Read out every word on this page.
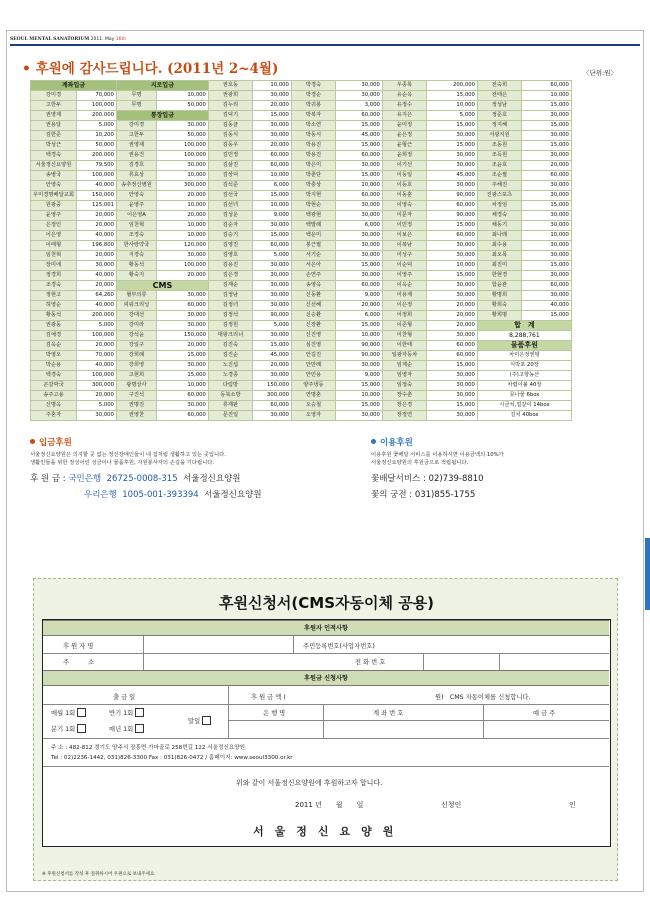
SEOUL MENTAL SANATORIUM 2011. May 16th
• 후원에 감사드립니다. (2011년 2~4월)	〈단위:원〉
계좌입금		지로입금		권호동	10,000	박경숙	30,000	우종록	200,000	전숙희	60,000
강미경	70,000	무명	10,000	권광희	30,000	박경순	30,000	유순옥	15,000	전태은	10,000
고한두	100,000	무명	50,000	김누리	20,000	박귀봉	3,000	유정수	10,000	정성남	15,000
권영재	200,000	통장입금		김덕기	15,000	박복자	60,000	유지은	5,000	정준호	30,000
권용달	5,000	강미경	30,000	김동균	30,000	박소연	15,000	윤미정	15,000	정지혜	15,000
김한준	10,200	고한두	50,000	김동식	30,000	박동식	45,000	윤은정	30,000	서광지원	30,000
박성근	50,000	권영재	100,000	김동우	20,000	박용진	15,000	윤형근	15,000	조동원	15,000
백경숙	200,000	권용진	100,000	김민정	60,000	박용진	60,000	윤희정	30,000	조득원	30,000
서울정신요양원	79,500	김경호	30,000	김삼진	60,000	박은미	30,000	이기선	30,000	조윤호	20,000
송병국	100,000	류효상	10,000	김상덕	10,000	박춘단	15,000	이동일	45,000	조순필	60,000
안영숙	40,000	송추정신병원	300,000	김석준	6,000	박충상	10,000	이동호	30,000	주해진	30,000
우미경명배달교회	150,000	안영숙	20,000	김선국	15,000	박지현	60,000	이동훈	90,000	진광스포츠	30,000
원광중	125,001	윤영주	10,000	김선녀	10,000	박현순	30,000	이영숙	60,000	차정임	15,000
윤영주	20,000	이은영A	20,000	김성운	9,000	백광현	30,000	이문자	90,000	채경숙	30,000
은정인	20,000	임천혁	10,000	김순자	30,000	백말례	6,000	이민정	15,000	채동기	30,000
이은영	40,000	조경숙	10,000	김승기	15,000	백운미	30,000	이보은	60,000	최나래	10,000
이태형	196,800	한사랑약국	120,000	김영진	60,000	봉근필	30,000	이복남	30,000	최수용	30,000
임천혁	20,000	지경숙	30,000	김영호	5,000	서기순	30,000	이성구	30,000	최오목	30,000
장미애	30,000	황동석	100,000	김용진	30,000	서은아	15,000	이순덕	10,000	최진미	15,000
정경희	40,000	황숙지	20,000	김은경	30,000	손연주	30,000	이영주	15,000	한현경	30,000
조경숙	20,000	CMS		김재순	30,000	송영옥	60,000	이옥순	30,000	함윤관	60,000
정현고	64,260	혈부의류	30,000	김정남	30,000	신동환	9,000	이용제	30,000	황명희	30,000
허영순	40,000	피워크리닝	60,000	김정녀	30,000	신선혜	20,000	이은정	20,000	황희숙	40,000
황동석	200,000	강대선	30,000	김정석	90,000	신승환	6,000	이정희	20,000	황희명	15,000
권광동	5,000	강미라	30,000	김정원	5,000	신장환	15,000	이준형	20,000	합　계	
김예경	100,000	강석윤	150,000	대왕크리너	30,000	신진영	10,000	이찬형	30,000	8,288,761	
김옥순	20,000	강일구	20,000	김진숙	15,000	심진영	90,000	이한태	60,000	물품후원	
박영오	70,000	강희례	15,000	김진순	45,000	안길진	90,000	일광자동차	60,000	차미은정엔탱	
박순용	40,000	강희영	30,000	노진섭	20,000	안만례	30,000	임계순	15,000	식박포 20장	
백경숙	100,000	고현희	15,000	노경종	30,000	안민용	9,000	임영자	30,000	(주)고향농산	
곤갈막국	300,000	광명상사	10,000	다림방	150,000	양주냉동	15,000	임정숙	30,000	차렵이불 40장	
송주고용	20,000	구진석	60,000	동북소방	300,000	연명훈	10,000	장수춘	30,000	뭇나물 6box	
신명옥	5,000	권명진	30,000	류재판	60,000	오승철	15,000	장은경	15,000	시금치,얼갈이 14box	
주혼자	30,000	권영찬	60,000	문진일	30,000	오영자	30,000	장정연	30,000	김치 40box	
입금후원
서울정신요양원은 의지할 곳 없는 정신장애인들이 내 집처럼 생활하고 있는 곳입니다.
생활인들을 위한 정성어린 성금이나 물품후원, 자원봉사자의 손길을 기다립니다.
후 원 금 : 국민은행 26725-0008-315 서울정신요양원
우리은행 1005-001-393394 서울정신요양원
이용후원
이용후원 꽃배달 서비스를 이용하시면 이용금액의 10%가
서울정신요양원의 후원금으로 적립됩니다.
꽃배달서비스 : 02)739-8810
꽃의 궁전 : 031)855-1755
후원신청서(CMS자동이체 공용)
후원자 인적사항
후 원 자 명	주민등록번호(사업자번호)
주　　　소	전 화 번 호
후원금 신청사항
출 금 일	후 원 금 액 (	원)　CMS 자동이체를 신청합니다.
매월 1회	반기 1회
말일
분기 1회	매년 1회
은 행 명	계 좌 번 호	예 금 주
주 소 : 482-812 경기도 양주시 장흥면 가마골로 258번길 122 서울정신요양원
Tel : 02)2236-1442, 031)826-3300 Fax : 031)826-0472 / 홈페이지: www.seoul3300.or.kr
위와 같이 서울정신요양원에 후원하고자 합니다.
2011 년　　월　　일	신청인	인
서　울　정　신　요　양　원
※ 후원신청서를 작성 후 절취하시어 우편으로 보내주세요.
